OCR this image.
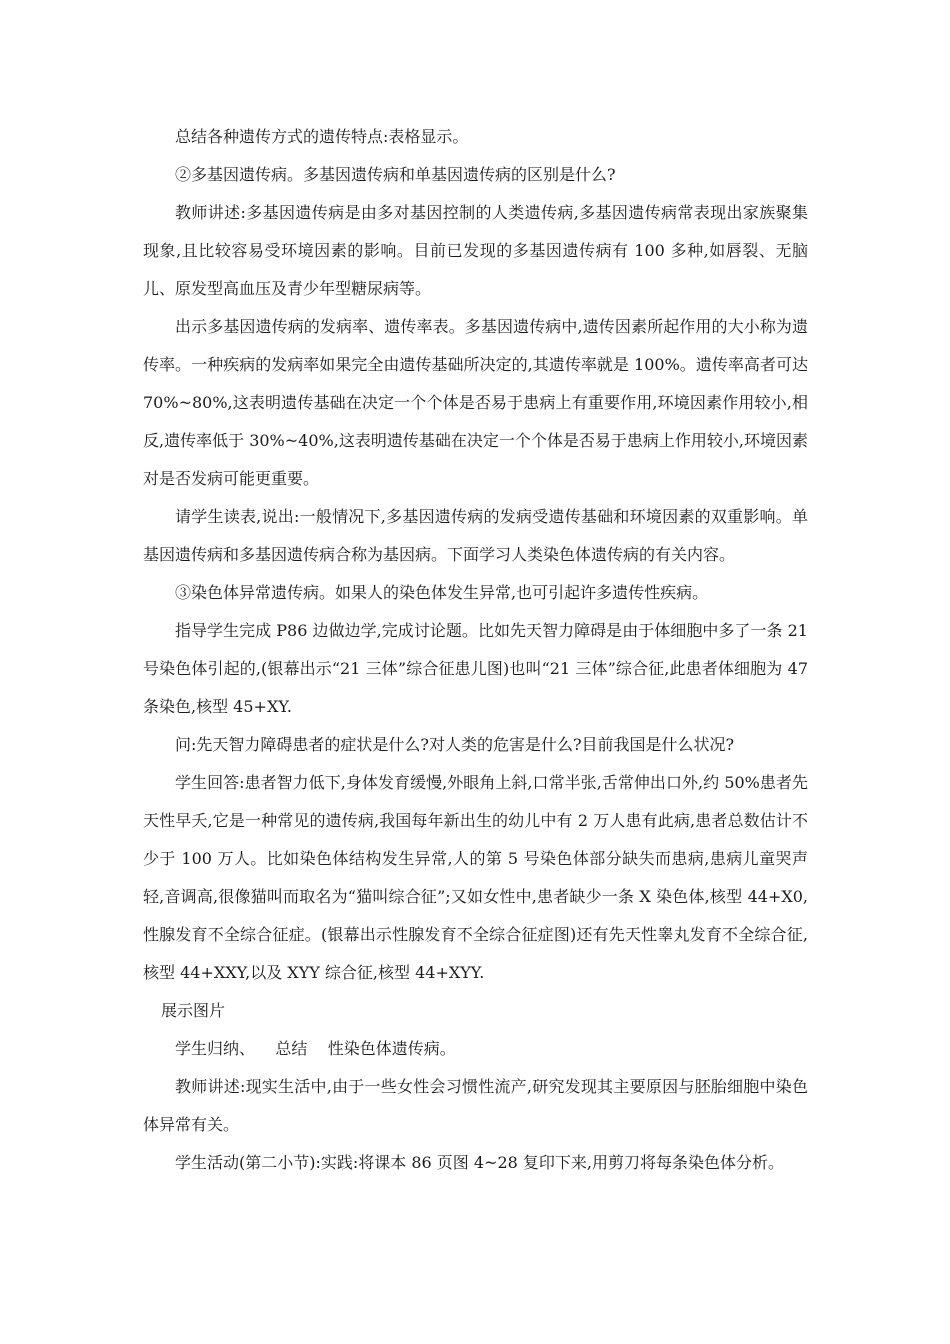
总结各种遗传方式的遗传特点:表格显示。

②多基因遗传病。多基因遗传病和单基因遗传病的区别是什么?

教师讲述:多基因遗传病是由多对基因控制的人类遗传病,多基因遗传病常表现出家族聚集现象,且比较容易受环境因素的影响。目前已发现的多基因遗传病有 100 多种,如唇裂、无脑儿、原发型高血压及青少年型糖尿病等。

出示多基因遗传病的发病率、遗传率表。多基因遗传病中,遗传因素所起作用的大小称为遗传率。一种疾病的发病率如果完全由遗传基础所决定的,其遗传率就是 100%。遗传率高者可达 70%~80%,这表明遗传基础在决定一个个体是否易于患病上有重要作用,环境因素作用较小,相反,遗传率低于 30%~40%,这表明遗传基础在决定一个个体是否易于患病上作用较小,环境因素对是否发病可能更重要。

请学生读表,说出:一般情况下,多基因遗传病的发病受遗传基础和环境因素的双重影响。单基因遗传病和多基因遗传病合称为基因病。下面学习人类染色体遗传病的有关内容。

③染色体异常遗传病。如果人的染色体发生异常,也可引起许多遗传性疾病。

指导学生完成 P86 边做边学,完成讨论题。比如先天智力障碍是由于体细胞中多了一条 21 号染色体引起的,(银幕出示“21 三体”综合征患儿图)也叫“21 三体”综合征,此患者体细胞为 47 条染色,核型 45+XY.

问:先天智力障碍患者的症状是什么?对人类的危害是什么?目前我国是什么状况?

学生回答:患者智力低下,身体发育缓慢,外眼角上斜,口常半张,舌常伸出口外,约 50%患者先天性早夭,它是一种常见的遗传病,我国每年新出生的幼儿中有 2 万人患有此病,患者总数估计不少于 100 万人。比如染色体结构发生异常,人的第 5 号染色体部分缺失而患病,患病儿童哭声轻,音调高,很像猫叫而取名为“猫叫综合征”;又如女性中,患者缺少一条 X 染色体,核型 44+X0,性腺发育不全综合征症。(银幕出示性腺发育不全综合征症图)还有先天性睾丸发育不全综合征,核型 44+XXY,以及 XYY 综合征,核型 44+XYY.

展示图片

学生归纳、    总结    性染色体遗传病。

教师讲述:现实生活中,由于一些女性会习惯性流产,研究发现其主要原因与胚胎细胞中染色体异常有关。

学生活动(第二小节):实践:将课本 86 页图 4~28 复印下来,用剪刀将每条染色体分析。
